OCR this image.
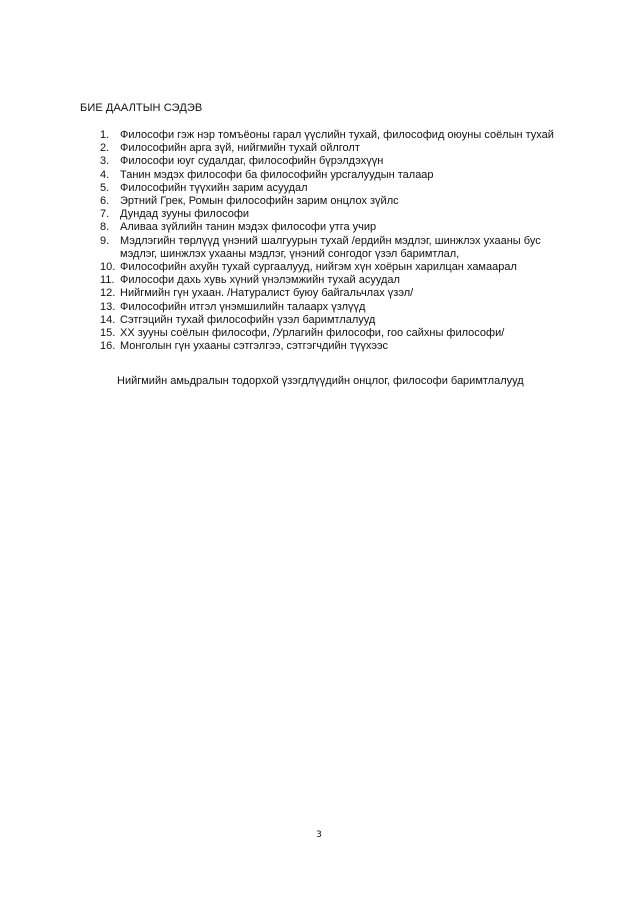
БИЕ ДААЛТЫН СЭДЭВ
1. Философи гэж нэр томъёоны гарал үүслийн тухай, философид оюуны соёлын тухай
2. Философийн арга зүй, нийгмийн тухай ойлголт
3. Философи юуг судалдаг, философийн бүрэлдэхүүн
4. Танин мэдэх философи ба философийн урсгалуудын талаар
5. Философийн түүхийн зарим асуудал
6. Эртний Грек, Ромын философийн зарим онцлох зүйлс
7. Дундад зууны философи
8. Аливаа зүйлийн танин мэдэх философи утга учир
9. Мэдлэгийн төрлүүд үнэний шалгуурын тухай /ердийн мэдлэг, шинжлэх ухааны бус мэдлэг, шинжлэх ухааны мэдлэг, үнэний сонгодог үзэл баримтлал,
10. Философийн ахуйн тухай сургаалууд, нийгэм хүн хоёрын харилцан хамаарал
11. Философи дахь хувь хүний үнэлэмжийн тухай асуудал
12. Нийгмийн гүн ухаан. /Натуралист буюу байгальчлах үзэл/
13. Философийн итгэл үнэмшилийн талаарх үзлүүд
14. Сэтгэцийн тухай философийн үзэл баримтлалууд
15. XX зууны соёлын философи, /Урлагийн философи, гоо сайхны философи/
16. Монголын гүн ухааны сэтгэлгээ, сэтгэгчдийн түүхээс
Нийгмийн амьдралын тодорхой үзэгдлүүдийн онцлог, философи баримтлалууд
3
